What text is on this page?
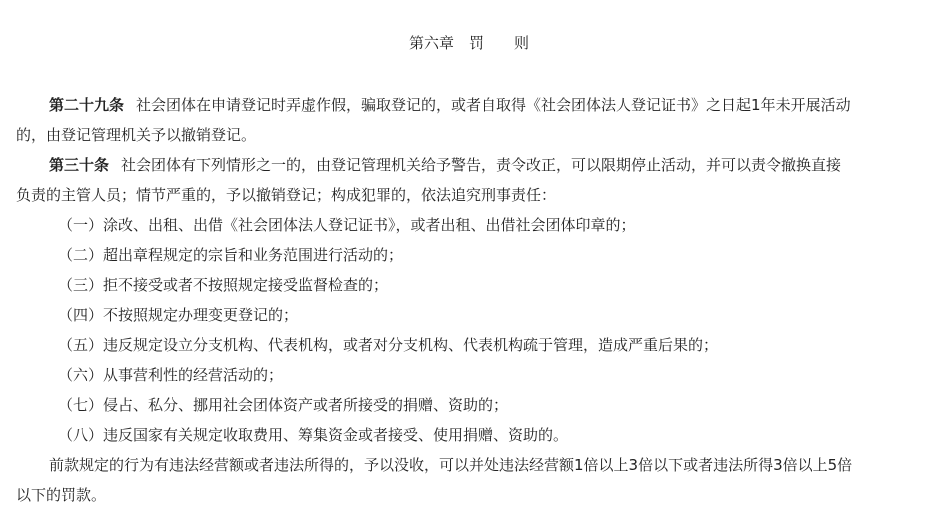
第六章　罚　　则
第二十九条 社会团体在申请登记时弄虚作假，骗取登记的，或者自取得《社会团体法人登记证书》之日起1年未开展活动
的，由登记管理机关予以撤销登记。
第三十条 社会团体有下列情形之一的，由登记管理机关给予警告，责令改正，可以限期停止活动，并可以责令撤换直接
负责的主管人员；情节严重的，予以撤销登记；构成犯罪的，依法追究刑事责任：
（一）涂改、出租、出借《社会团体法人登记证书》，或者出租、出借社会团体印章的；
（二）超出章程规定的宗旨和业务范围进行活动的；
（三）拒不接受或者不按照规定接受监督检查的；
（四）不按照规定办理变更登记的；
（五）违反规定设立分支机构、代表机构，或者对分支机构、代表机构疏于管理，造成严重后果的；
（六）从事营利性的经营活动的；
（七）侵占、私分、挪用社会团体资产或者所接受的捐赠、资助的；
（八）违反国家有关规定收取费用、筹集资金或者接受、使用捐赠、资助的。
前款规定的行为有违法经营额或者违法所得的，予以没收，可以并处违法经营额1倍以上3倍以下或者违法所得3倍以上5倍
以下的罚款。
